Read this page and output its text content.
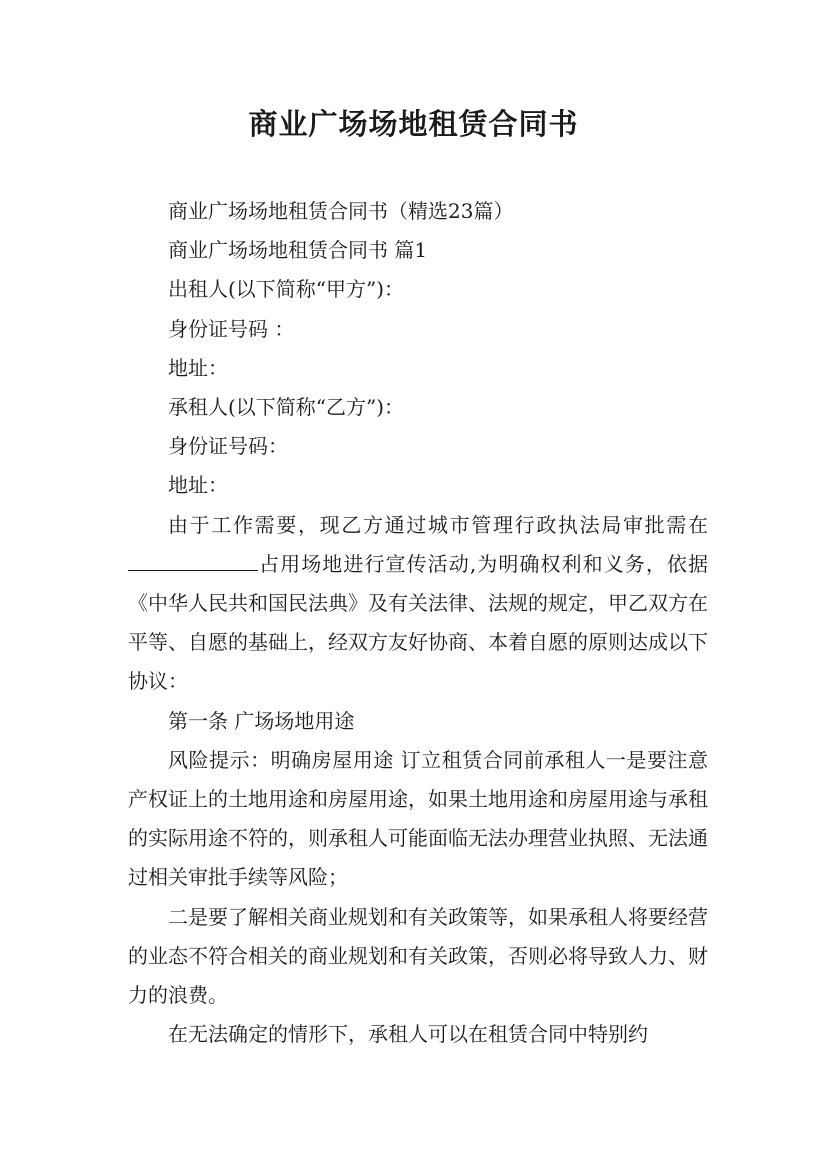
商业广场场地租赁合同书

商业广场场地租赁合同书（精选23篇）

商业广场场地租赁合同书 篇1

出租人(以下简称“甲方”)：

身份证号码 ：

地址：

承租人(以下简称“乙方”)：

身份证号码：

地址：

由于工作需要，现乙方通过城市管理行政执法局审批需在占用场地进行宣传活动,为明确权利和义务，依据《中华人民共和国民法典》及有关法律、法规的规定，甲乙双方在平等、自愿的基础上，经双方友好协商、本着自愿的原则达成以下协议：

第一条 广场场地用途

风险提示：明确房屋用途 订立租赁合同前承租人一是要注意产权证上的土地用途和房屋用途，如果土地用途和房屋用途与承租的实际用途不符的，则承租人可能面临无法办理营业执照、无法通过相关审批手续等风险；

二是要了解相关商业规划和有关政策等，如果承租人将要经营的业态不符合相关的商业规划和有关政策，否则必将导致人力、财力的浪费。

在无法确定的情形下，承租人可以在租赁合同中特别约
